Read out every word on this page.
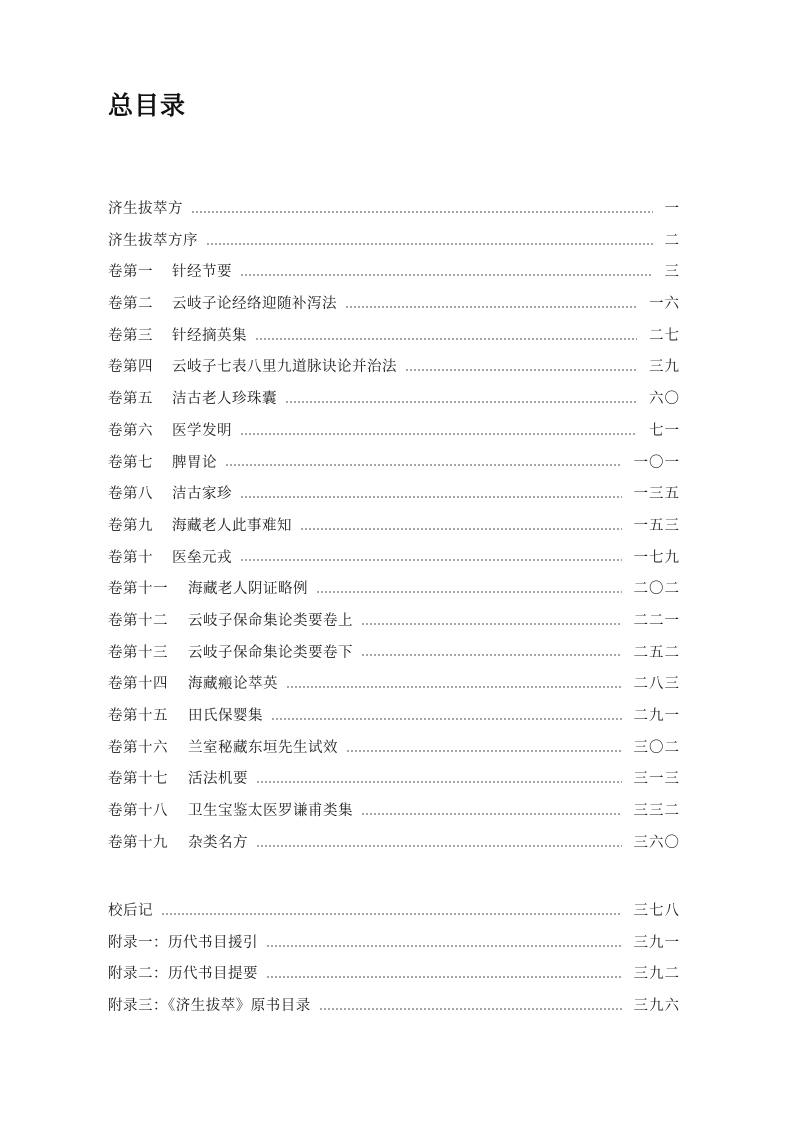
总目录
济生拔萃方	一
济生拔萃方序	二
卷第一	针经节要	三
卷第二	云岐子论经络迎随补泻法	一六
卷第三	针经摘英集	二七
卷第四	云岐子七表八里九道脉诀论并治法	三九
卷第五	洁古老人珍珠囊	六〇
卷第六	医学发明	七一
卷第七	脾胃论	一〇一
卷第八	洁古家珍	一三五
卷第九	海藏老人此事难知	一五三
卷第十	医垒元戎	一七九
卷第十一	海藏老人阴证略例	二〇二
卷第十二	云岐子保命集论类要卷上	二二一
卷第十三	云岐子保命集论类要卷下	二五二
卷第十四	海藏瘢论萃英	二八三
卷第十五	田氏保婴集	二九一
卷第十六	兰室秘藏东垣先生试效	三〇二
卷第十七	活法机要	三一三
卷第十八	卫生宝鉴太医罗谦甫类集	三三二
卷第十九	杂类名方	三六〇
校后记	三七八
附录一：历代书目援引	三九一
附录二：历代书目提要	三九二
附录三：《济生拔萃》原书目录	三九六
